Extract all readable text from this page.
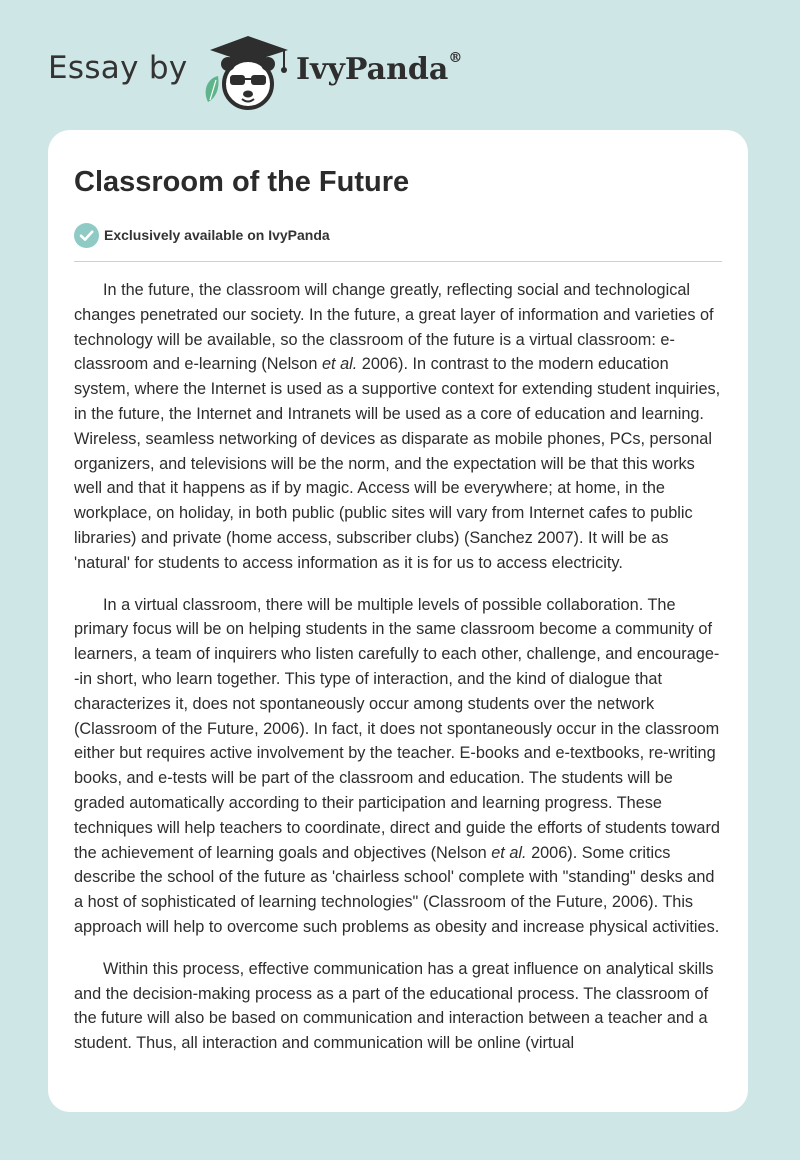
Essay by	IvyPanda®
Classroom of the Future
Exclusively available on IvyPanda

In the future, the classroom will change greatly, reflecting social and technological changes penetrated our society. In the future, a great layer of information and varieties of technology will be available, so the classroom of the future is a virtual classroom: e-classroom and e-learning (Nelson et al. 2006). In contrast to the modern education system, where the Internet is used as a supportive context for extending student inquiries, in the future, the Internet and Intranets will be used as a core of education and learning. Wireless, seamless networking of devices as disparate as mobile phones, PCs, personal organizers, and televisions will be the norm, and the expectation will be that this works well and that it happens as if by magic. Access will be everywhere; at home, in the workplace, on holiday, in both public (public sites will vary from Internet cafes to public libraries) and private (home access, subscriber clubs) (Sanchez 2007). It will be as 'natural' for students to access information as it is for us to access electricity.

In a virtual classroom, there will be multiple levels of possible collaboration. The primary focus will be on helping students in the same classroom become a community of learners, a team of inquirers who listen carefully to each other, challenge, and encourage--in short, who learn together. This type of interaction, and the kind of dialogue that characterizes it, does not spontaneously occur among students over the network (Classroom of the Future, 2006). In fact, it does not spontaneously occur in the classroom either but requires active involvement by the teacher. E-books and e-textbooks, re-writing books, and e-tests will be part of the classroom and education. The students will be graded automatically according to their participation and learning progress. These techniques will help teachers to coordinate, direct and guide the efforts of students toward the achievement of learning goals and objectives (Nelson et al. 2006). Some critics describe the school of the future as 'chairless school' complete with "standing" desks and a host of sophisticated of learning technologies" (Classroom of the Future, 2006). This approach will help to overcome such problems as obesity and increase physical activities.

Within this process, effective communication has a great influence on analytical skills and the decision-making process as a part of the educational process. The classroom of the future will also be based on communication and interaction between a teacher and a student. Thus, all interaction and communication will be online (virtual
